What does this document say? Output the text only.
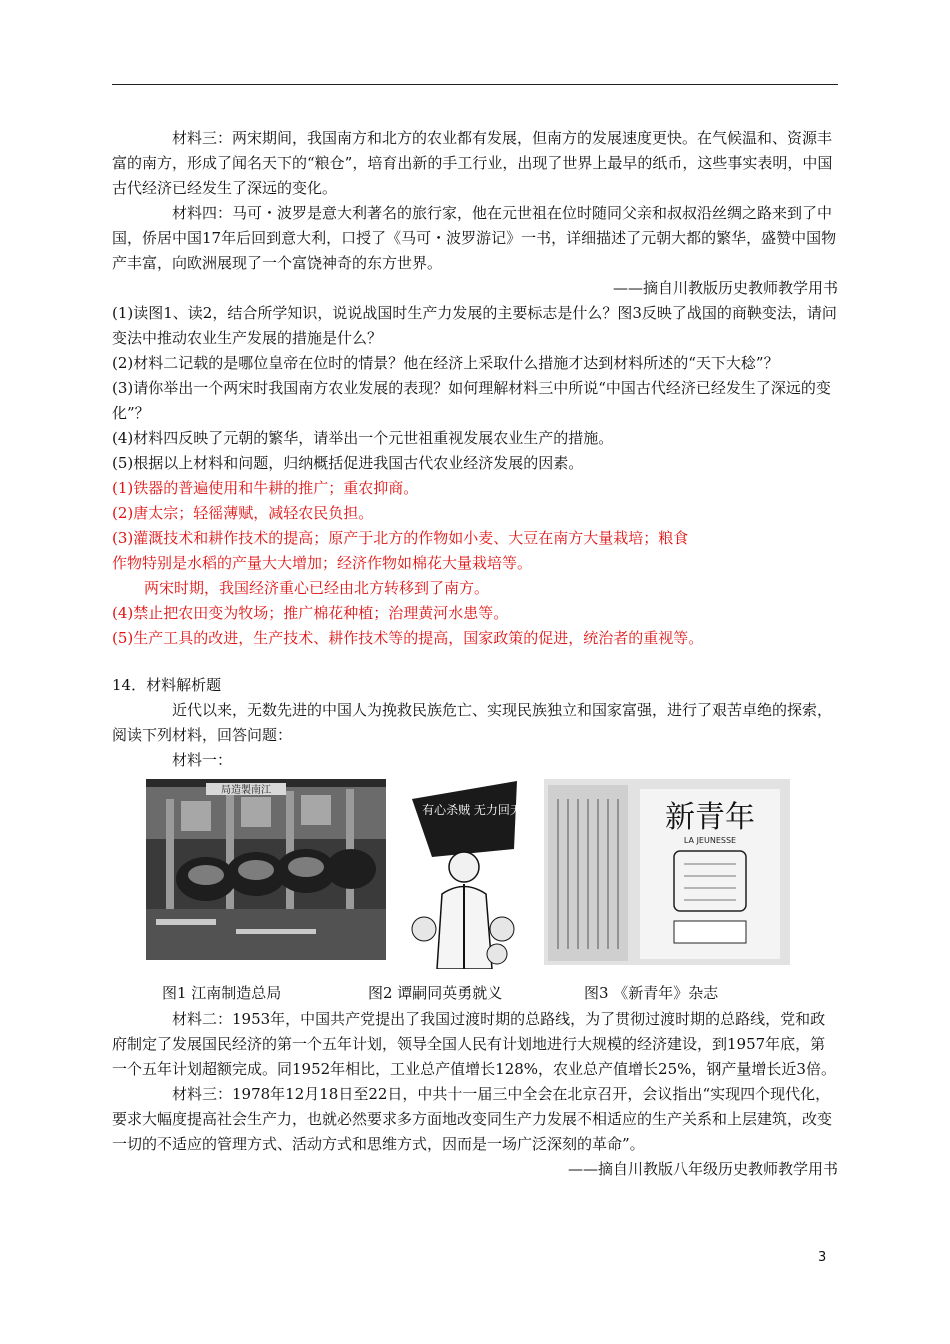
材料三：两宋期间，我国南方和北方的农业都有发展，但南方的发展速度更快。在气候温和、资源丰富的南方，形成了闻名天下的“粮仓”，培育出新的手工行业，出现了世界上最早的纸币，这些事实表明，中国古代经济已经发生了深远的变化。

材料四：马可・波罗是意大利著名的旅行家，他在元世祖在位时随同父亲和叔叔沿丝绸之路来到了中国，侨居中国17年后回到意大利，口授了《马可・波罗游记》一书，详细描述了元朝大都的繁华，盛赞中国物产丰富，向欧洲展现了一个富饶神奇的东方世界。

——摘自川教版历史教师教学用书

(1)读图1、读2，结合所学知识，说说战国时生产力发展的主要标志是什么？图3反映了战国的商鞅变法，请问变法中推动农业生产发展的措施是什么？

(2)材料二记载的是哪位皇帝在位时的情景？他在经济上采取什么措施才达到材料所述的“天下大稔”？

(3)请你举出一个两宋时我国南方农业发展的表现？如何理解材料三中所说“中国古代经济已经发生了深远的变化”？

(4)材料四反映了元朝的繁华，请举出一个元世祖重视发展农业生产的措施。

(5)根据以上材料和问题，归纳概括促进我国古代农业经济发展的因素。

(1)铁器的普遍使用和牛耕的推广；重农抑商。

(2)唐太宗；轻徭薄赋，减轻农民负担。

(3)灌溉技术和耕作技术的提高；原产于北方的作物如小麦、大豆在南方大量栽培；粮食

作物特别是水稻的产量大大增加；经济作物如棉花大量栽培等。

两宋时期，我国经济重心已经由北方转移到了南方。

(4)禁止把农田变为牧场；推广棉花种植；治理黄河水患等。

(5)生产工具的改进，生产技术、耕作技术等的提高，国家政策的促进，统治者的重视等。

14．材料解析题

近代以来，无数先进的中国人为挽救民族危亡、实现民族独立和国家富强，进行了艰苦卓绝的探索，阅读下列材料，回答问题：

材料一：

局造製南江
有心杀贼 无力回天	新青年
LA JEUNESSE
图1 江南制造总局	图2 谭嗣同英勇就义	图3 《新青年》杂志

材料二：1953年，中国共产党提出了我国过渡时期的总路线，为了贯彻过渡时期的总路线，党和政府制定了发展国民经济的第一个五年计划，领导全国人民有计划地进行大规模的经济建设，到1957年底，第一个五年计划超额完成。同1952年相比，工业总产值增长128%，农业总产值增长25%，钢产量增长近3倍。

材料三：1978年12月18日至22日，中共十一届三中全会在北京召开，会议指出“实现四个现代化，要求大幅度提高社会生产力，也就必然要求多方面地改变同生产力发展不相适应的生产关系和上层建筑，改变一切的不适应的管理方式、活动方式和思维方式，因而是一场广泛深刻的革命”。

——摘自川教版八年级历史教师教学用书

3
